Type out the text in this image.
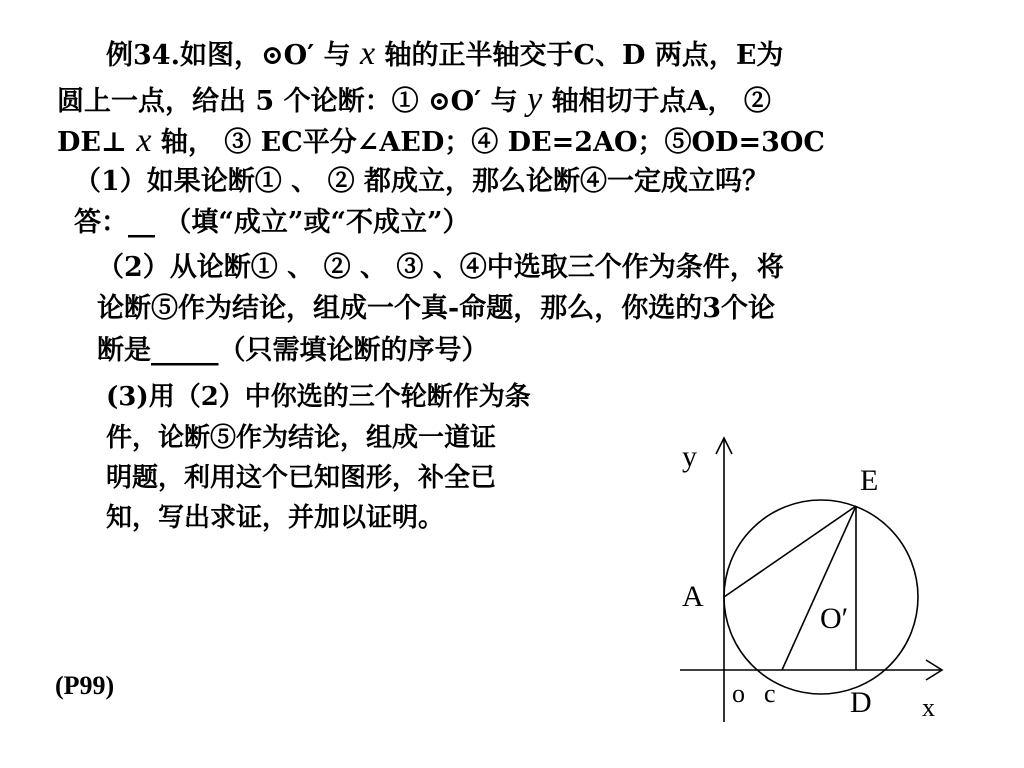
例34.如图，⊙O′ 与 x 轴的正半轴交于C、D 两点，E为
圆上一点，给出 5 个论断：① ⊙O′ 与 y 轴相切于点A， ②
DE⊥ x 轴， ③ EC平分∠AED；④ DE=2AO；⑤OD=3OC
（1）如果论断① 、 ② 都成立，那么论断④一定成立吗？
答：__ （填“成立”或“不成立”）
（2）从论断① 、 ② 、 ③ 、④中选取三个作为条件，将
论断⑤作为结论，组成一个真-命题，那么，你选的3个论
断是_____（只需填论断的序号）
(3)用（2）中你选的三个轮断作为条
件，论断⑤作为结论，组成一道证
明题，利用这个已知图形，补全已
知，写出求证，并加以证明。
(P99)
y
E
A
O′
o c D x
